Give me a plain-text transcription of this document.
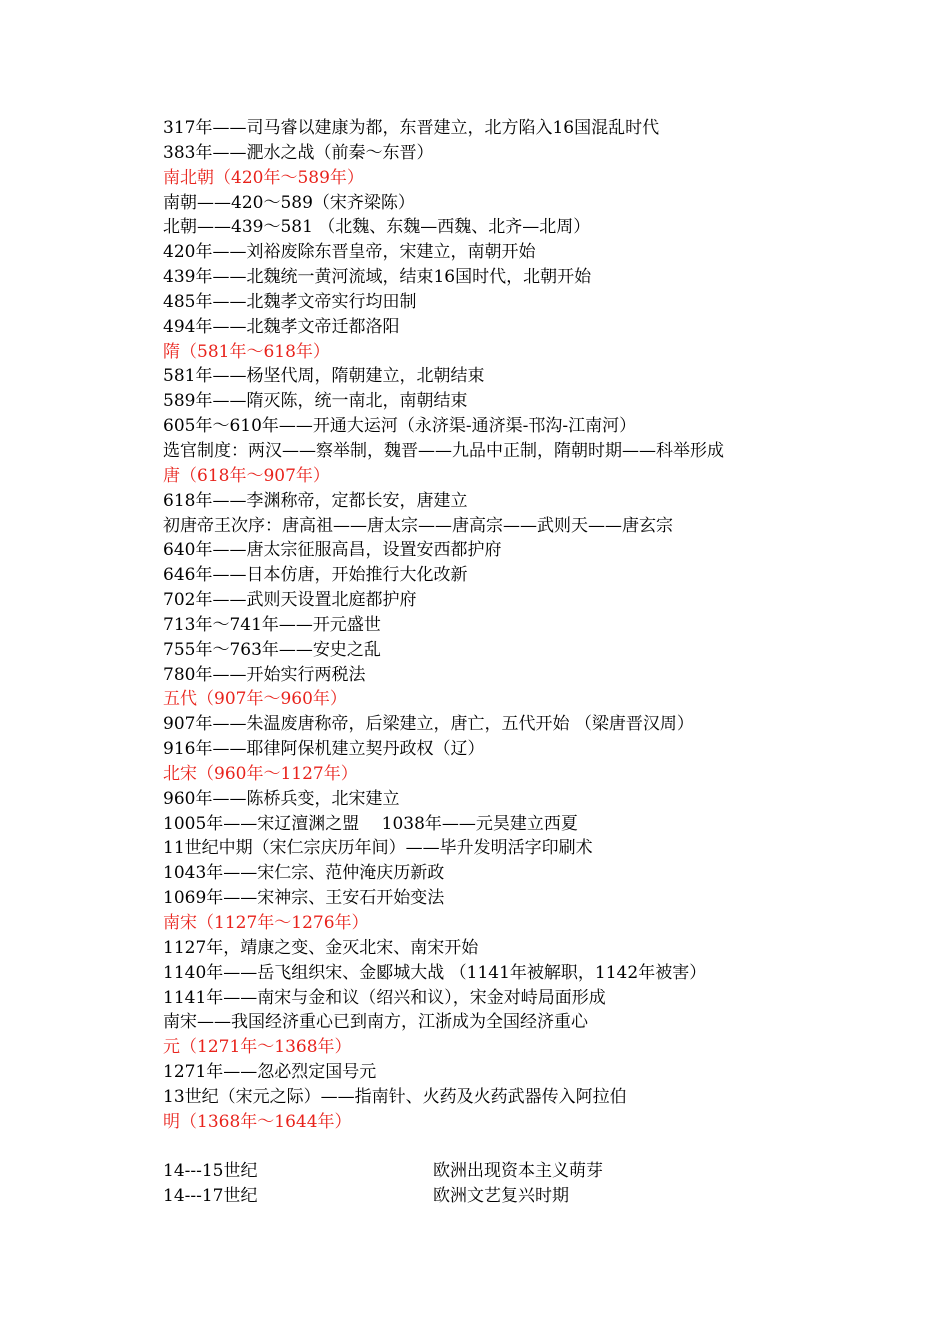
317年——司马睿以建康为都，东晋建立，北方陷入16国混乱时代
383年——淝水之战（前秦～东晋）
南北朝（420年～589年）
南朝——420～589（宋齐梁陈）
北朝——439～581 （北魏、东魏—西魏、北齐—北周）
420年——刘裕废除东晋皇帝，宋建立，南朝开始
439年——北魏统一黄河流域，结束16国时代，北朝开始
485年——北魏孝文帝实行均田制
494年——北魏孝文帝迁都洛阳
隋（581年～618年）
581年——杨坚代周，隋朝建立，北朝结束
589年——隋灭陈，统一南北，南朝结束
605年～610年——开通大运河（永济渠-通济渠-邗沟-江南河）
选官制度：两汉——察举制，魏晋——九品中正制，隋朝时期——科举形成
唐（618年～907年）
618年——李渊称帝，定都长安，唐建立
初唐帝王次序：唐高祖——唐太宗——唐高宗——武则天——唐玄宗
640年——唐太宗征服高昌，设置安西都护府
646年——日本仿唐，开始推行大化改新
702年——武则天设置北庭都护府
713年～741年——开元盛世
755年～763年——安史之乱
780年——开始实行两税法
五代（907年～960年）
907年——朱温废唐称帝，后梁建立，唐亡，五代开始 （梁唐晋汉周）
916年——耶律阿保机建立契丹政权（辽）
北宋（960年～1127年）
960年——陈桥兵变，北宋建立
1005年——宋辽澶渊之盟　 1038年——元昊建立西夏
11世纪中期（宋仁宗庆历年间）——毕升发明活字印刷术
1043年——宋仁宗、范仲淹庆历新政
1069年——宋神宗、王安石开始变法
南宋（1127年～1276年）
1127年，靖康之变、金灭北宋、南宋开始
1140年——岳飞组织宋、金郾城大战 （1141年被解职，1142年被害）
1141年——南宋与金和议（绍兴和议），宋金对峙局面形成
南宋——我国经济重心已到南方，江浙成为全国经济重心
元（1271年～1368年）
1271年——忽必烈定国号元
13世纪（宋元之际）——指南针、火药及火药武器传入阿拉伯
明（1368年～1644年）
14---15世纪	欧洲出现资本主义萌芽
14---17世纪	欧洲文艺复兴时期
